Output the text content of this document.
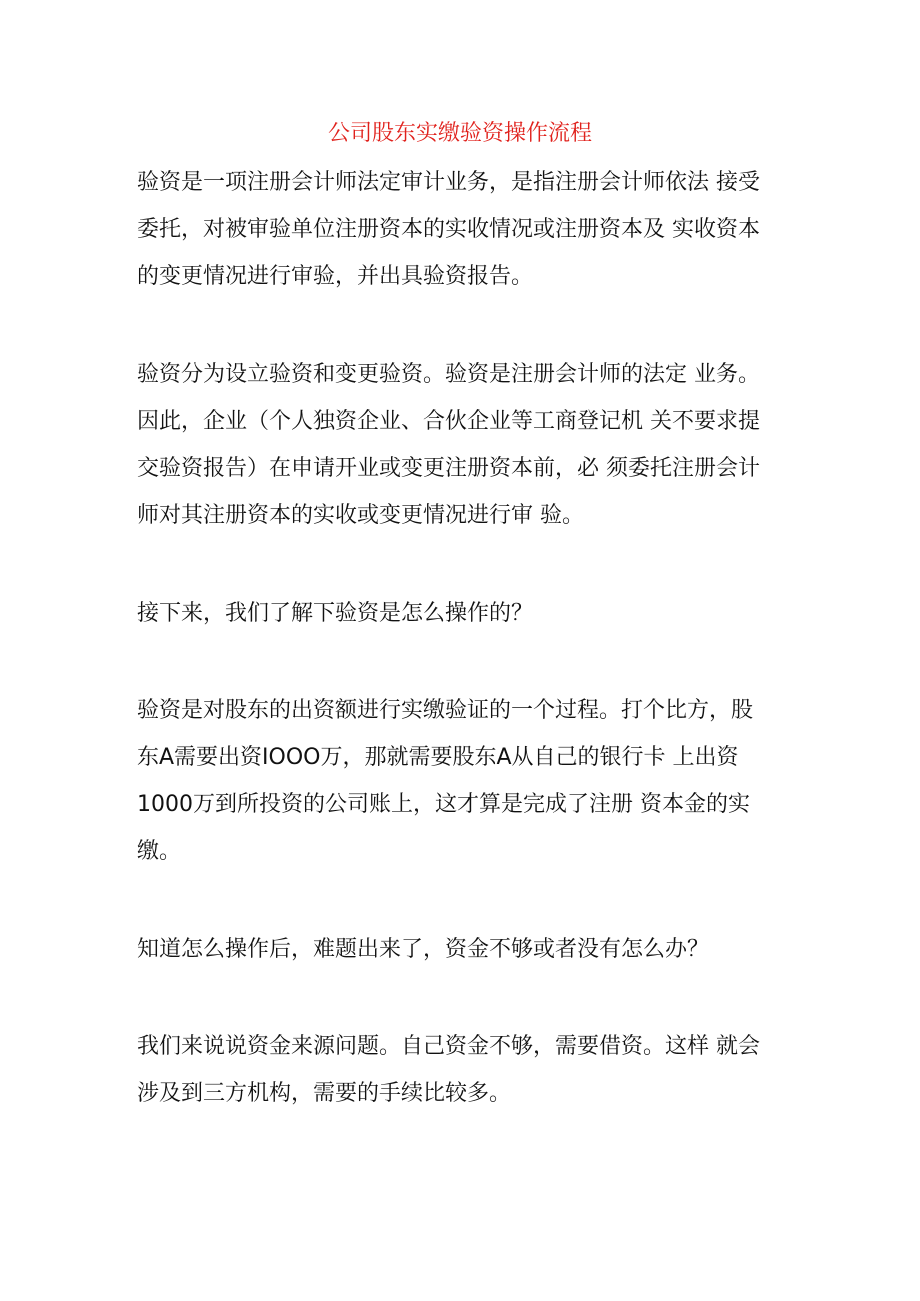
公司股东实缴验资操作流程
验资是一项注册会计师法定审计业务，是指注册会计师依法 接受
委托，对被审验单位注册资本的实收情况或注册资本及 实收资本
的变更情况进行审验，并出具验资报告。
验资分为设立验资和变更验资。验资是注册会计师的法定 业务。
因此，企业（个人独资企业、合伙企业等工商登记机 关不要求提
交验资报告）在申请开业或变更注册资本前，必 须委托注册会计
师对其注册资本的实收或变更情况进行审 验。
接下来，我们了解下验资是怎么操作的？
验资是对股东的出资额进行实缴验证的一个过程。打个比方，股
东A需要出资IOOO万，那就需要股东A从自己的银行卡 上出资
1000万到所投资的公司账上，这才算是完成了注册 资本金的实
缴。
知道怎么操作后，难题出来了，资金不够或者没有怎么办？
我们来说说资金来源问题。自己资金不够，需要借资。这样 就会
涉及到三方机构，需要的手续比较多。
